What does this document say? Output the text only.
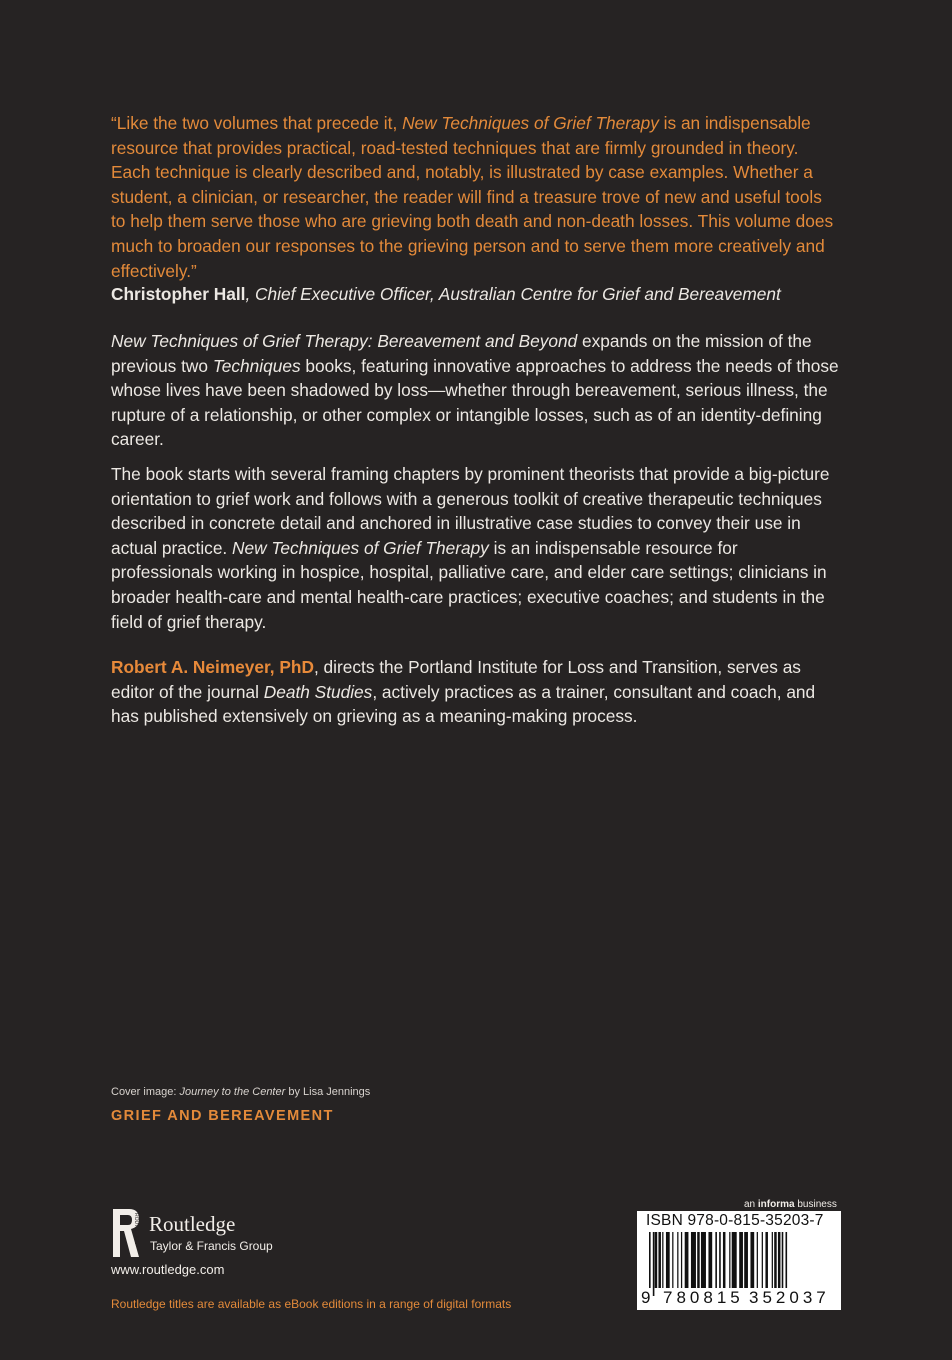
“Like the two volumes that precede it, New Techniques of Grief Therapy is an indispensable resource that provides practical, road-tested techniques that are firmly grounded in theory. Each technique is clearly described and, notably, is illustrated by case examples. Whether a student, a clinician, or researcher, the reader will find a treasure trove of new and useful tools to help them serve those who are grieving both death and non-death losses. This volume does much to broaden our responses to the grieving person and to serve them more creatively and effectively.”
Christopher Hall, Chief Executive Officer, Australian Centre for Grief and Bereavement
New Techniques of Grief Therapy: Bereavement and Beyond expands on the mission of the previous two Techniques books, featuring innovative approaches to address the needs of those whose lives have been shadowed by loss—whether through bereavement, serious illness, the rupture of a relationship, or other complex or intangible losses, such as of an identity-defining career.
The book starts with several framing chapters by prominent theorists that provide a big-picture orientation to grief work and follows with a generous toolkit of creative therapeutic techniques described in concrete detail and anchored in illustrative case studies to convey their use in actual practice. New Techniques of Grief Therapy is an indispensable resource for professionals working in hospice, hospital, palliative care, and elder care settings; clinicians in broader health-care and mental health-care practices; executive coaches; and students in the field of grief therapy.
Robert A. Neimeyer, PhD, directs the Portland Institute for Loss and Transition, serves as editor of the journal Death Studies, actively practices as a trainer, consultant and coach, and has published extensively on grieving as a meaning-making process.
Cover image: Journey to the Center by Lisa Jennings
GRIEF AND BEREAVEMENT
ROUTLEDGE Routledge
Taylor & Francis Group
www.routledge.com
Routledge titles are available as eBook editions in a range of digital formats
an informa business
ISBN 978-0-815-35203-7
9 780815 352037
